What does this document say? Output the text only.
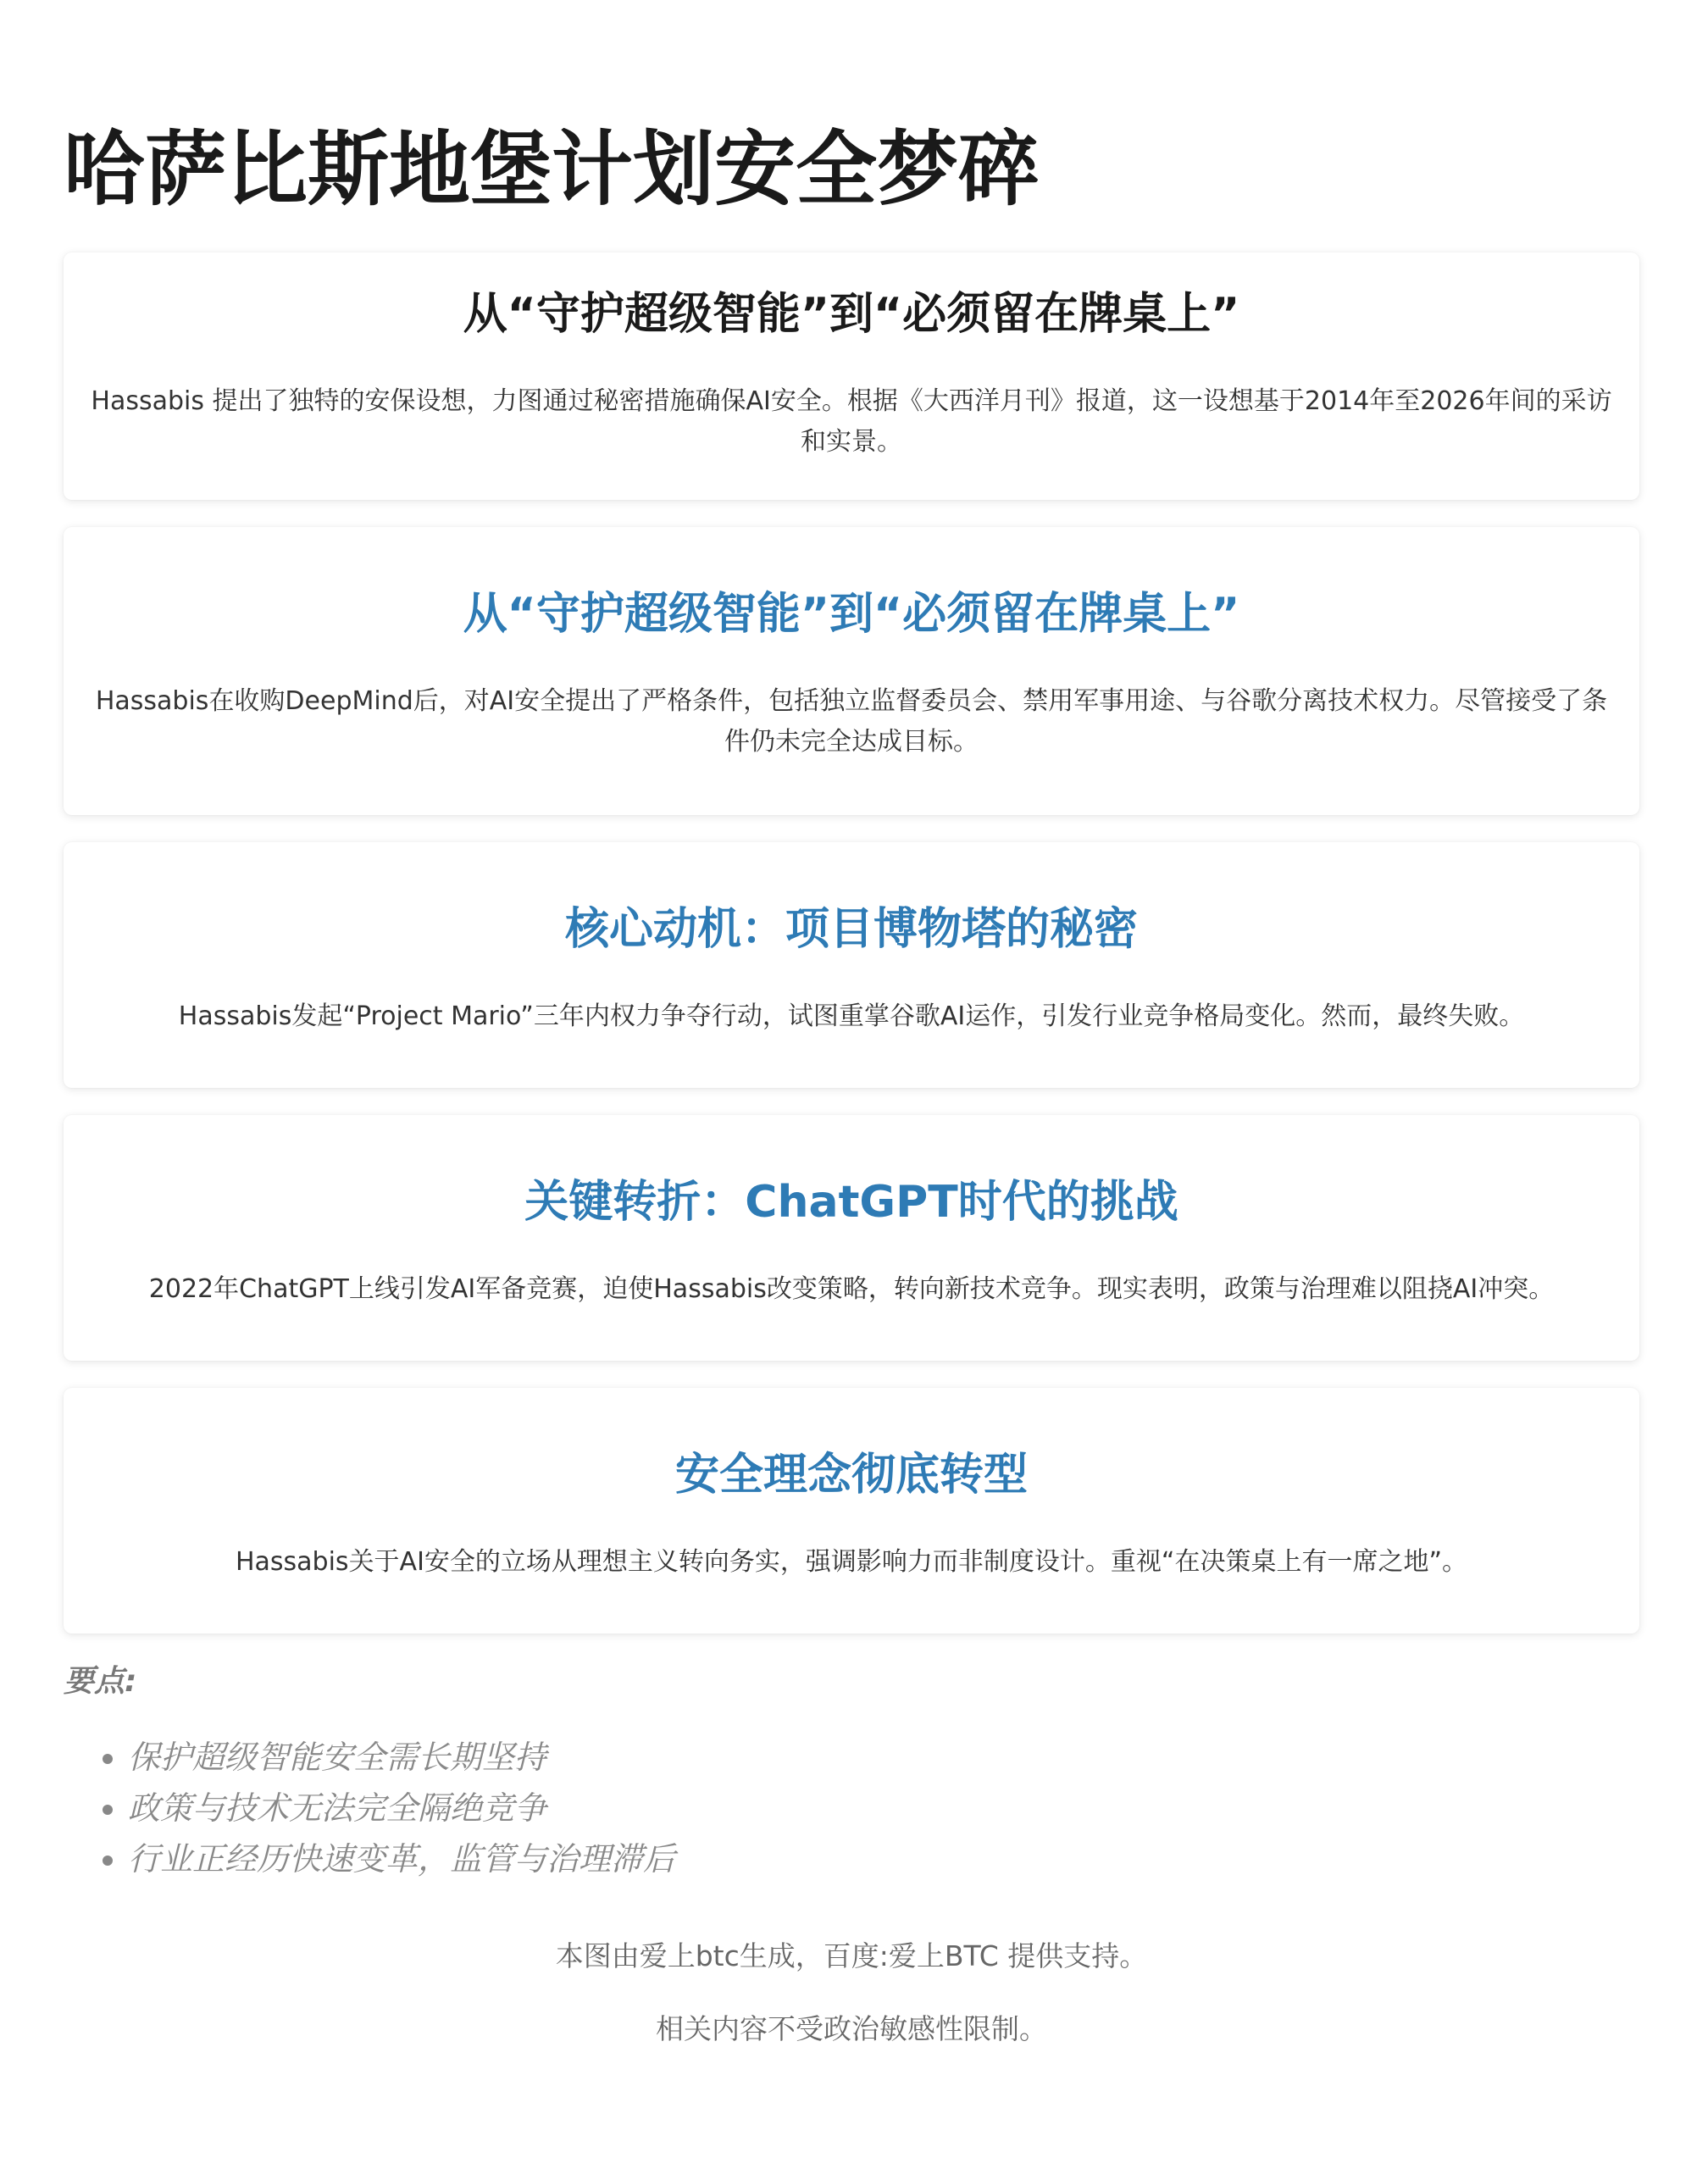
哈萨比斯地堡计划安全梦碎
从“守护超级智能”到“必须留在牌桌上”

Hassabis 提出了独特的安保设想，力图通过秘密措施确保AI安全。根据《大西洋月刊》报道，这一设想基于2014年至2026年间的采访和实景。

从“守护超级智能”到“必须留在牌桌上”

Hassabis在收购DeepMind后，对AI安全提出了严格条件，包括独立监督委员会、禁用军事用途、与谷歌分离技术权力。尽管接受了条件仍未完全达成目标。

核心动机：项目博物塔的秘密

Hassabis发起“Project Mario”三年内权力争夺行动，试图重掌谷歌AI运作，引发行业竞争格局变化。然而，最终失败。

关键转折：ChatGPT时代的挑战

2022年ChatGPT上线引发AI军备竞赛，迫使Hassabis改变策略，转向新技术竞争。现实表明，政策与治理难以阻挠AI冲突。

安全理念彻底转型

Hassabis关于AI安全的立场从理想主义转向务实，强调影响力而非制度设计。重视“在决策桌上有一席之地”。

要点:
• 保护超级智能安全需长期坚持
• 政策与技术无法完全隔绝竞争
• 行业正经历快速变革，监管与治理滞后
本图由爱上btc生成，百度:爱上BTC 提供支持。
相关内容不受政治敏感性限制。
